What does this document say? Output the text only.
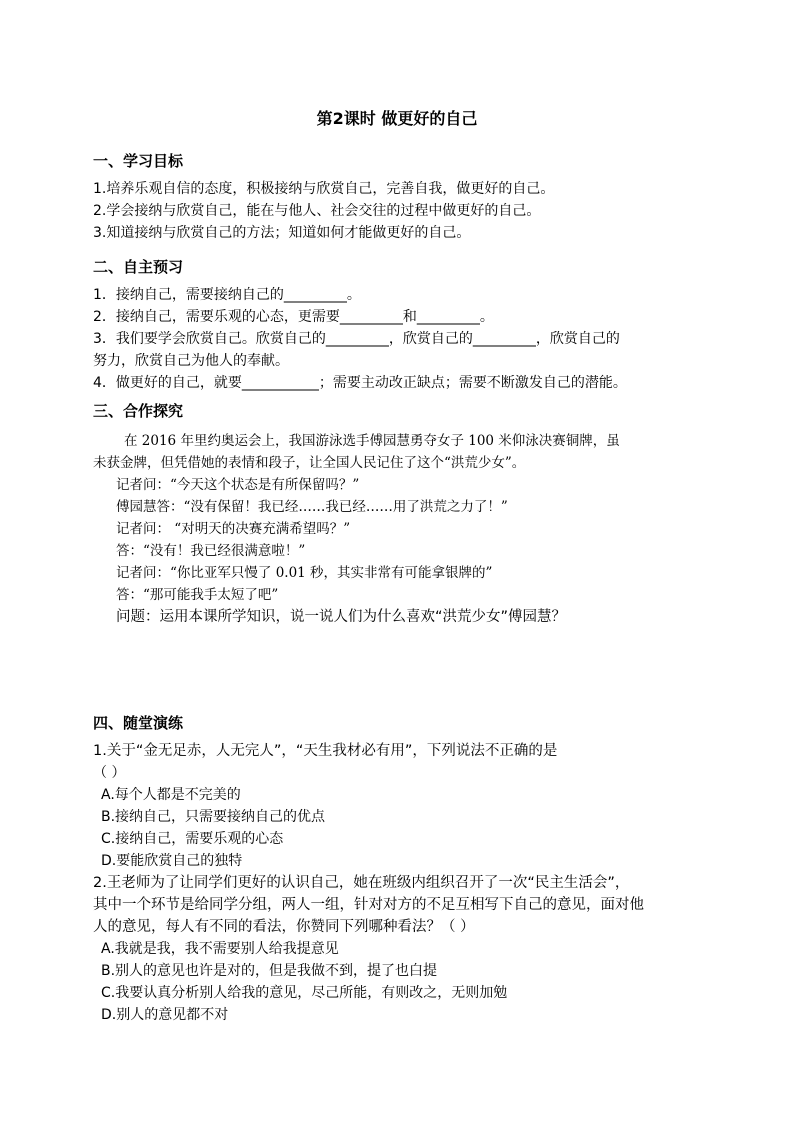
第2课时 做更好的自己
一、学习目标
1.培养乐观自信的态度，积极接纳与欣赏自己，完善自我，做更好的自己。
2.学会接纳与欣赏自己，能在与他人、社会交往的过程中做更好的自己。
3.知道接纳与欣赏自己的方法；知道如何才能做更好的自己。
二、自主预习
1．接纳自己，需要接纳自己的_________。
2．接纳自己，需要乐观的心态，更需要_________和_________。
3．我们要学会欣赏自己。欣赏自己的_________，欣赏自己的_________，欣赏自己的
努力，欣赏自己为他人的奉献。
4．做更好的自己，就要___________；需要主动改正缺点；需要不断激发自己的潜能。
三、合作探究
在 2016 年里约奥运会上，我国游泳选手傅园慧勇夺女子 100 米仰泳决赛铜牌，虽
未获金牌，但凭借她的表情和段子，让全国人民记住了这个“洪荒少女”。
记者问：“今天这个状态是有所保留吗？”
傅园慧答：“没有保留！我已经……我已经……用了洪荒之力了！”
记者问： “对明天的决赛充满希望吗？”
答：“没有！我已经很满意啦！”
记者问：“你比亚军只慢了 0.01 秒，其实非常有可能拿银牌的”
答：“那可能我手太短了吧”
问题：运用本课所学知识，说一说人们为什么喜欢“洪荒少女”傅园慧？
四、随堂演练
1.关于“金无足赤，人无完人”，“天生我材必有用”，下列说法不正确的是
（ ）
A.每个人都是不完美的
B.接纳自己，只需要接纳自己的优点
C.接纳自己，需要乐观的心态
D.要能欣赏自己的独特
2.王老师为了让同学们更好的认识自己，她在班级内组织召开了一次“民主生活会”，
其中一个环节是给同学分组，两人一组，针对对方的不足互相写下自己的意见，面对他
人的意见，每人有不同的看法，你赞同下列哪种看法？（ ）
A.我就是我，我不需要别人给我提意见
B.别人的意见也许是对的，但是我做不到，提了也白提
C.我要认真分析别人给我的意见，尽己所能，有则改之，无则加勉
D.别人的意见都不对
